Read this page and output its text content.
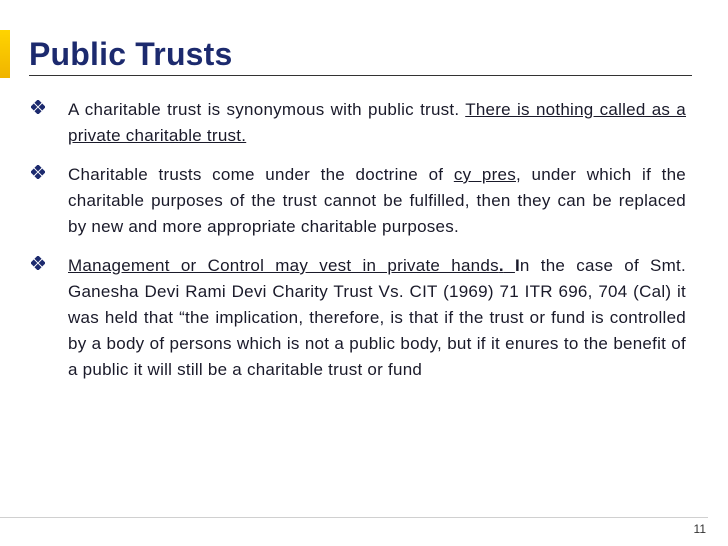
Public Trusts

A charitable trust is synonymous with public trust. There is nothing called as a private charitable trust.

Charitable trusts come under the doctrine of cy pres, under which if the charitable purposes of the trust cannot be fulfilled, then they can be replaced by new and more appropriate charitable purposes.

Management or Control may vest in private hands. In the case of Smt. Ganesha Devi Rami Devi Charity Trust Vs. CIT (1969) 71 ITR 696, 704 (Cal) it was held that “the implication, therefore, is that if the trust or fund is controlled by a body of persons which is not a public body, but if it enures to the benefit of a public it will still be a charitable trust or fund

11
